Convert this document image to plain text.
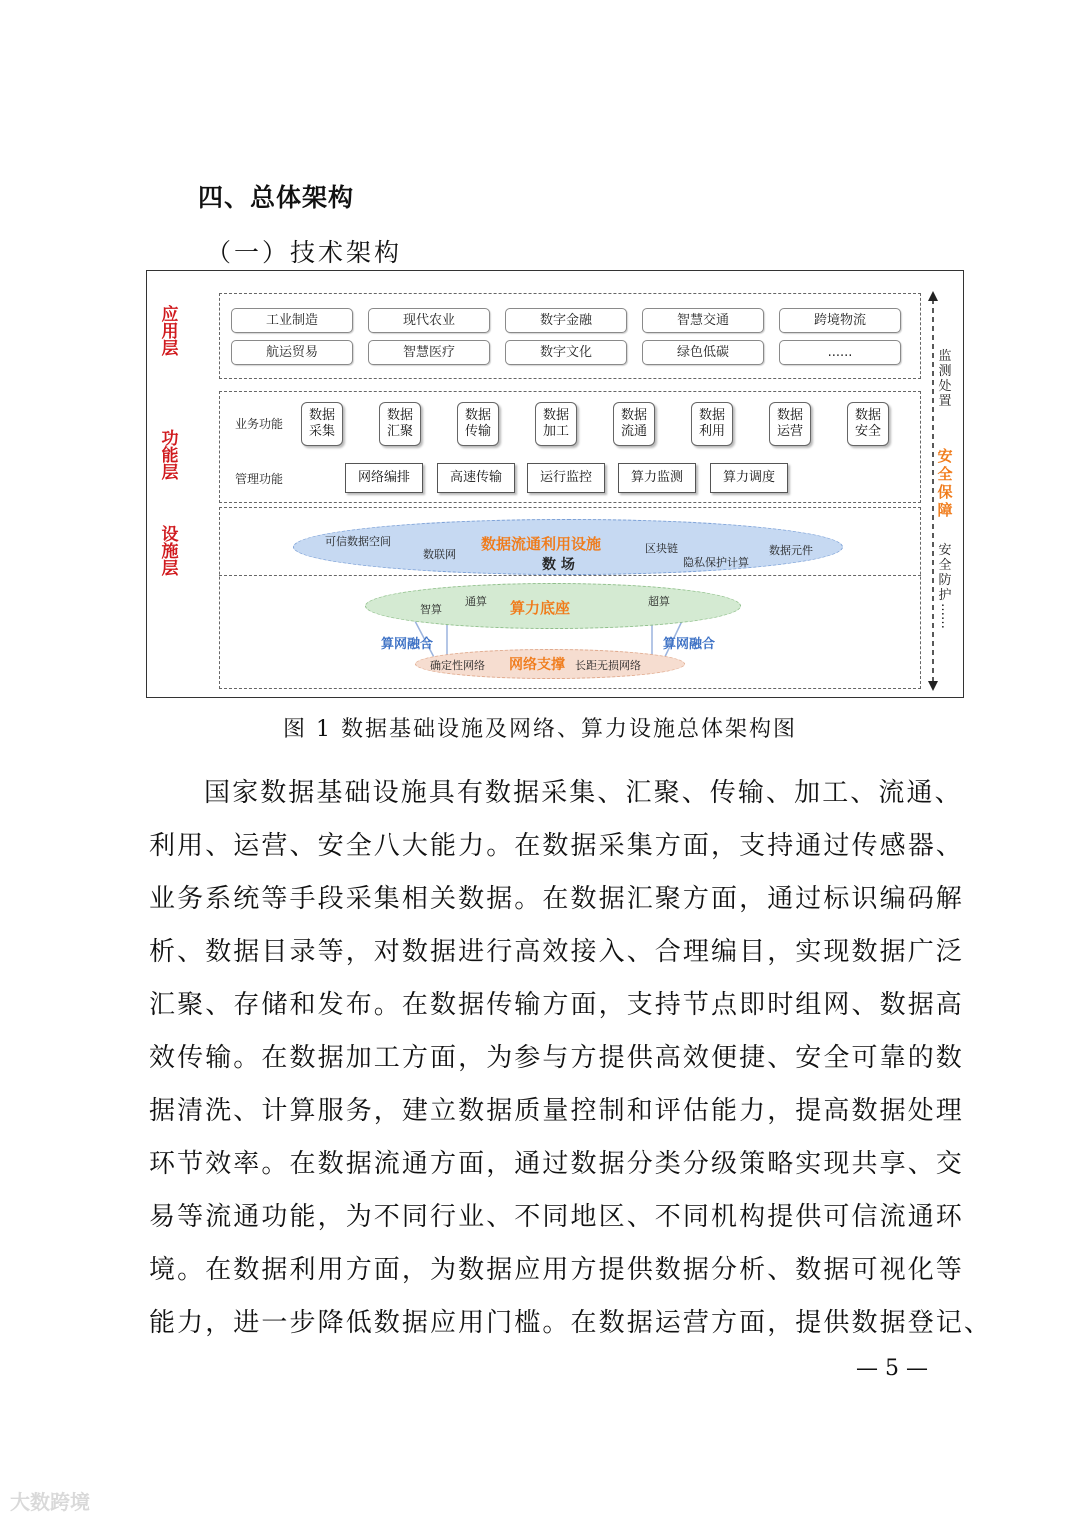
四、总体架构
（一）技术架构
应
用
层
功
能
层
设
施
层
工业制造	现代农业	数字金融	智慧交通	跨境物流
航运贸易	智慧医疗	数字文化	绿色低碳	......
业务功能
数据
采集
数据
汇聚
数据
传输
数据
加工
数据
流通
数据
利用
数据
运营
数据
安全
管理功能	网络编排	高速传输	运行监控	算力监测	算力调度
数据流通利用设施
数 场
可信数据空间
数联网	区块链
隐私保护计算
数据元件
算力底座
智算
通算	超算
网络支撑
确定性网络	长距无损网络
算网融合	算网融合
监
测
处
置
安
全
保
障
安
全
防
护
……
图 1 数据基础设施及网络、算力设施总体架构图
国家数据基础设施具有数据采集、汇聚、传输、加工、流通、
利用、运营、安全八大能力。在数据采集方面，支持通过传感器、
业务系统等手段采集相关数据。在数据汇聚方面，通过标识编码解
析、数据目录等，对数据进行高效接入、合理编目，实现数据广泛
汇聚、存储和发布。在数据传输方面，支持节点即时组网、数据高
效传输。在数据加工方面，为参与方提供高效便捷、安全可靠的数
据清洗、计算服务，建立数据质量控制和评估能力，提高数据处理
环节效率。在数据流通方面，通过数据分类分级策略实现共享、交
易等流通功能，为不同行业、不同地区、不同机构提供可信流通环
境。在数据利用方面，为数据应用方提供数据分析、数据可视化等
能力，进一步降低数据应用门槛。在数据运营方面，提供数据登记、
— 5 —
大数跨境
